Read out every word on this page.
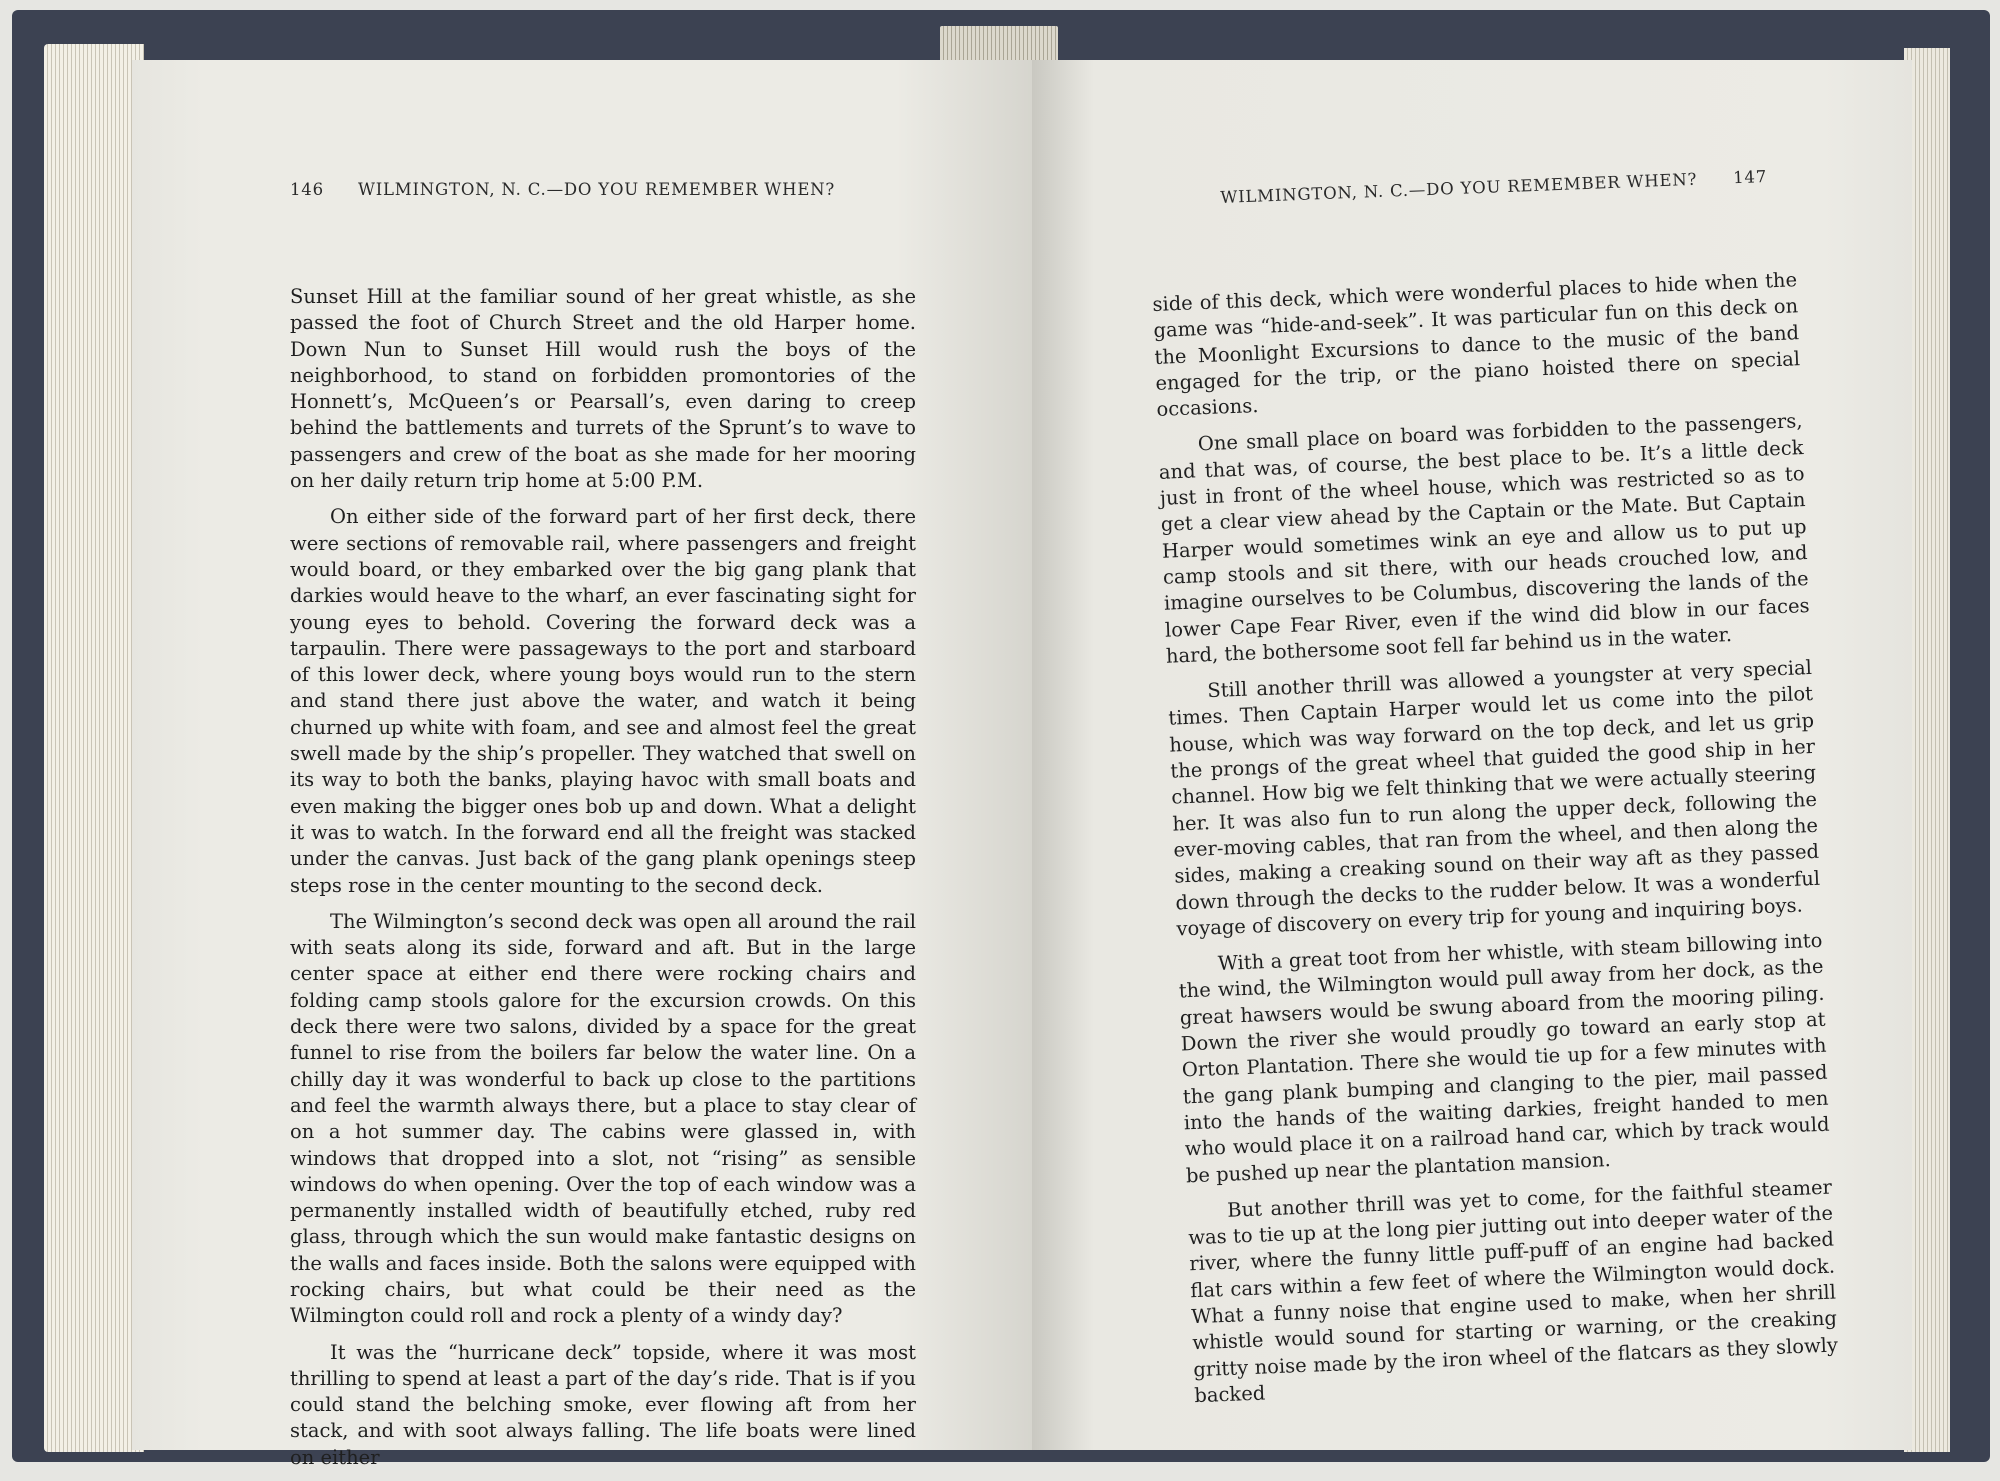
146 WILMINGTON, N. C.—DO YOU REMEMBER WHEN?

Sunset Hill at the familiar sound of her great whistle, as she passed the foot of Church Street and the old Harper home. Down Nun to Sunset Hill would rush the boys of the neighborhood, to stand on forbidden promontories of the Honnett’s, McQueen’s or Pearsall’s, even daring to creep behind the battlements and turrets of the Sprunt’s to wave to passengers and crew of the boat as she made for her mooring on her daily return trip home at 5:00 P.M.

On either side of the forward part of her first deck, there were sections of removable rail, where passengers and freight would board, or they embarked over the big gang plank that darkies would heave to the wharf, an ever fascinating sight for young eyes to behold. Covering the forward deck was a tarpaulin. There were passageways to the port and starboard of this lower deck, where young boys would run to the stern and stand there just above the water, and watch it being churned up white with foam, and see and almost feel the great swell made by the ship’s propeller. They watched that swell on its way to both the banks, playing havoc with small boats and even making the bigger ones bob up and down. What a delight it was to watch. In the forward end all the freight was stacked under the canvas. Just back of the gang plank openings steep steps rose in the center mounting to the second deck.

The Wilmington’s second deck was open all around the rail with seats along its side, forward and aft. But in the large center space at either end there were rocking chairs and folding camp stools galore for the excursion crowds. On this deck there were two salons, divided by a space for the great funnel to rise from the boilers far below the water line. On a chilly day it was wonderful to back up close to the partitions and feel the warmth always there, but a place to stay clear of on a hot summer day. The cabins were glassed in, with windows that dropped into a slot, not “rising” as sensible windows do when opening. Over the top of each window was a permanently installed width of beautifully etched, ruby red glass, through which the sun would make fantastic designs on the walls and faces inside. Both the salons were equipped with rocking chairs, but what could be their need as the Wilmington could roll and rock a plenty of a windy day?

It was the “hurricane deck” topside, where it was most thrilling to spend at least a part of the day’s ride. That is if you could stand the belching smoke, ever flowing aft from her stack, and with soot always falling. The life boats were lined on either

WILMINGTON, N. C.—DO YOU REMEMBER WHEN? 147

side of this deck, which were wonderful places to hide when the game was “hide-and-seek”. It was particular fun on this deck on the Moonlight Excursions to dance to the music of the band engaged for the trip, or the piano hoisted there on special occasions.

One small place on board was forbidden to the passengers, and that was, of course, the best place to be. It’s a little deck just in front of the wheel house, which was restricted so as to get a clear view ahead by the Captain or the Mate. But Captain Harper would sometimes wink an eye and allow us to put up camp stools and sit there, with our heads crouched low, and imagine ourselves to be Columbus, discovering the lands of the lower Cape Fear River, even if the wind did blow in our faces hard, the bothersome soot fell far behind us in the water.

Still another thrill was allowed a youngster at very special times. Then Captain Harper would let us come into the pilot house, which was way forward on the top deck, and let us grip the prongs of the great wheel that guided the good ship in her channel. How big we felt thinking that we were actually steering her. It was also fun to run along the upper deck, following the ever-moving cables, that ran from the wheel, and then along the sides, making a creaking sound on their way aft as they passed down through the decks to the rudder below. It was a wonderful voyage of discovery on every trip for young and inquiring boys.

With a great toot from her whistle, with steam billowing into the wind, the Wilmington would pull away from her dock, as the great hawsers would be swung aboard from the mooring piling. Down the river she would proudly go toward an early stop at Orton Plantation. There she would tie up for a few minutes with the gang plank bumping and clanging to the pier, mail passed into the hands of the waiting darkies, freight handed to men who would place it on a railroad hand car, which by track would be pushed up near the plantation mansion.

But another thrill was yet to come, for the faithful steamer was to tie up at the long pier jutting out into deeper water of the river, where the funny little puff-puff of an engine had backed flat cars within a few feet of where the Wilmington would dock. What a funny noise that engine used to make, when her shrill whistle would sound for starting or warning, or the creaking gritty noise made by the iron wheel of the flatcars as they slowly backed
